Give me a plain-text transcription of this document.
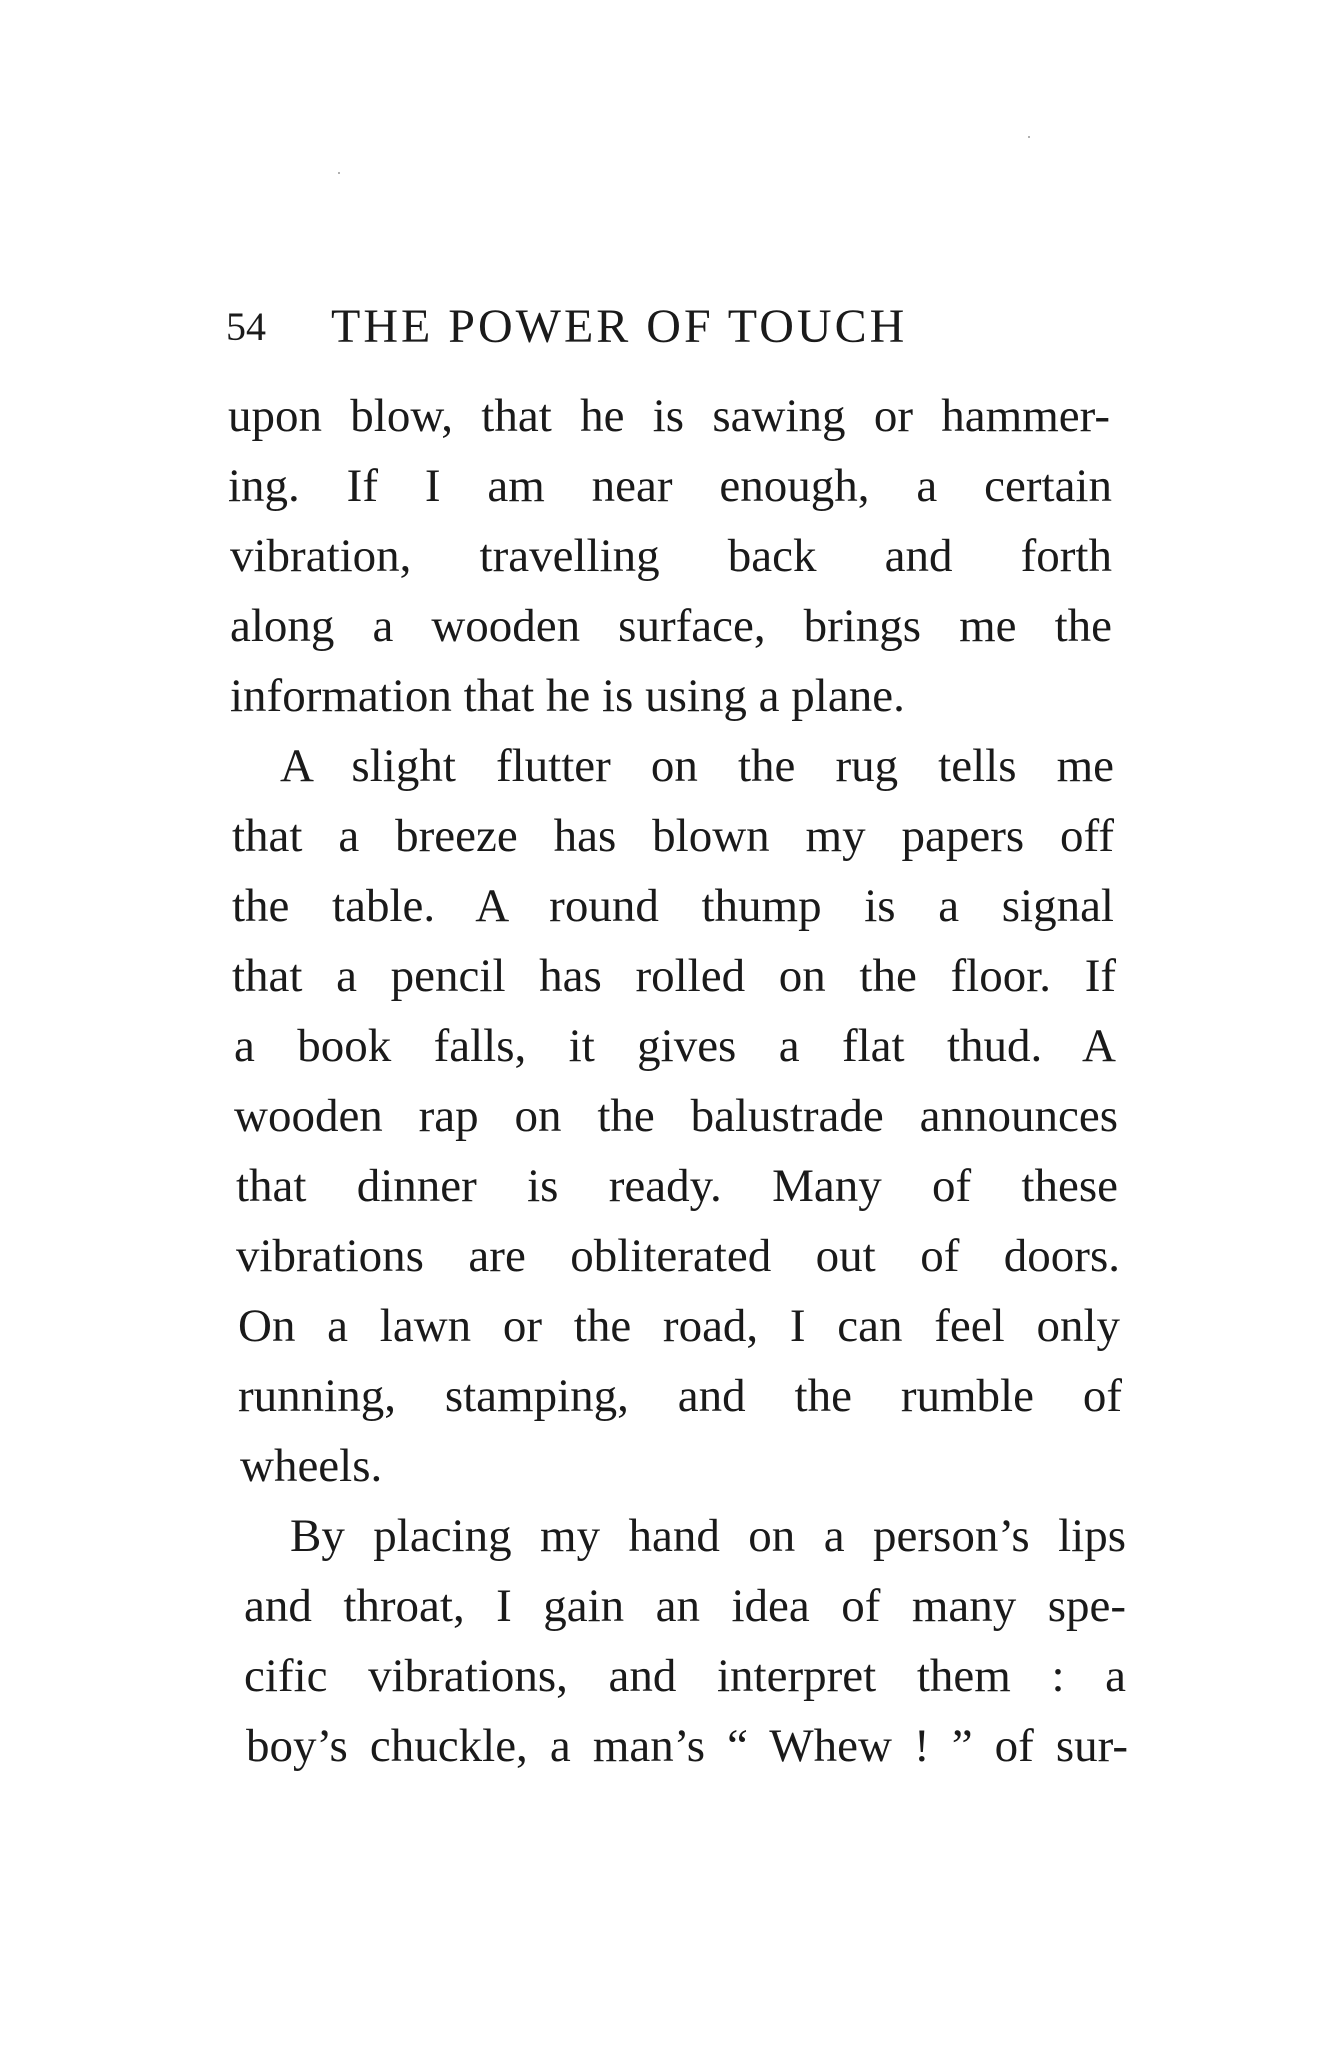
54 THE POWER OF TOUCH
upon blow, that he is sawing or hammer-
ing. If I am near enough, a certain
vibration, travelling back and forth
along a wooden surface, brings me the
information that he is using a plane.
A slight flutter on the rug tells me
that a breeze has blown my papers off
the table. A round thump is a signal
that a pencil has rolled on the floor. If
a book falls, it gives a flat thud. A
wooden rap on the balustrade announces
that dinner is ready. Many of these
vibrations are obliterated out of doors.
On a lawn or the road, I can feel only
running, stamping, and the rumble of
wheels.
By placing my hand on a person’s lips
and throat, I gain an idea of many spe-
cific vibrations, and interpret them : a
boy’s chuckle, a man’s “ Whew ! ” of sur-
